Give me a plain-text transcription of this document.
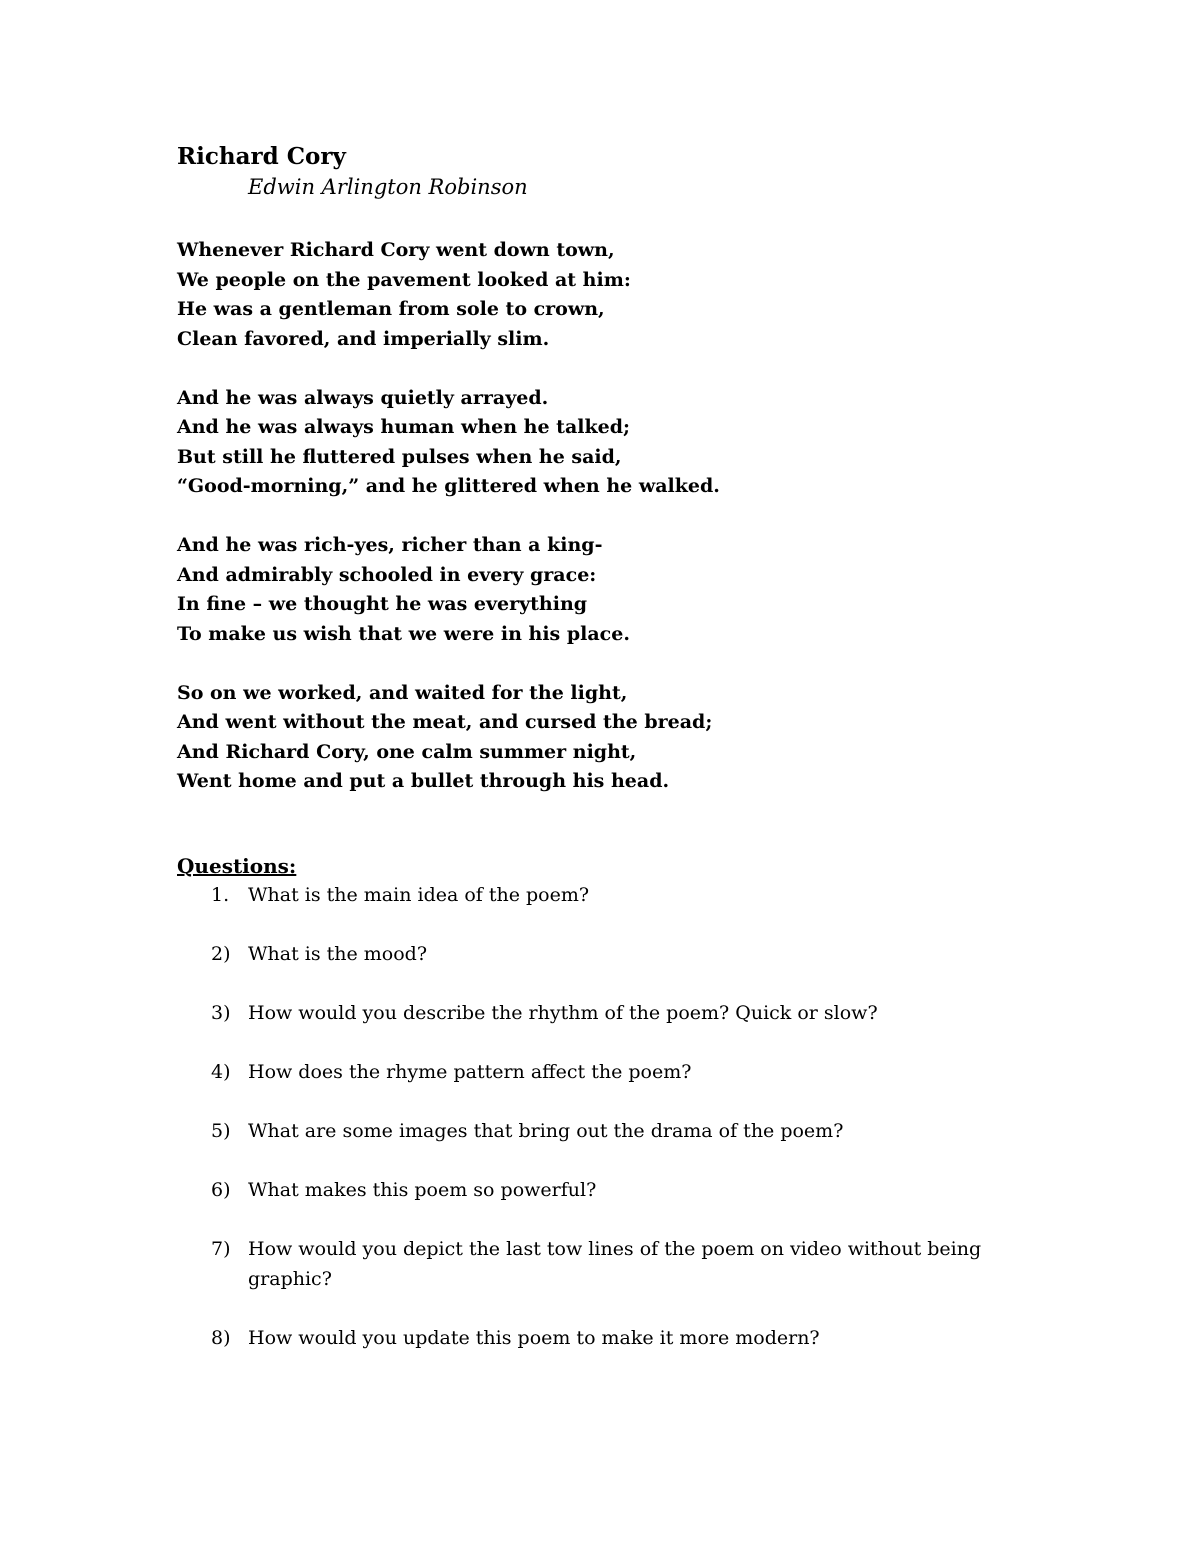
Richard Cory
Edwin Arlington Robinson
Whenever Richard Cory went down town,
We people on the pavement looked at him:
He was a gentleman from sole to crown,
Clean favored, and imperially slim.
And he was always quietly arrayed.
And he was always human when he talked;
But still he fluttered pulses when he said,
“Good-morning,” and he glittered when he walked.
And he was rich-yes, richer than a king-
And admirably schooled in every grace:
In fine – we thought he was everything
To make us wish that we were in his place.
So on we worked, and waited for the light,
And went without the meat, and cursed the bread;
And Richard Cory, one calm summer night,
Went home and put a bullet through his head.
Questions:
1. What is the main idea of the poem?
2) What is the mood?
3) How would you describe the rhythm of the poem? Quick or slow?
4) How does the rhyme pattern affect the poem?
5) What are some images that bring out the drama of the poem?
6) What makes this poem so powerful?
7) How would you depict the last tow lines of the poem on video without being graphic?
8) How would you update this poem to make it more modern?
